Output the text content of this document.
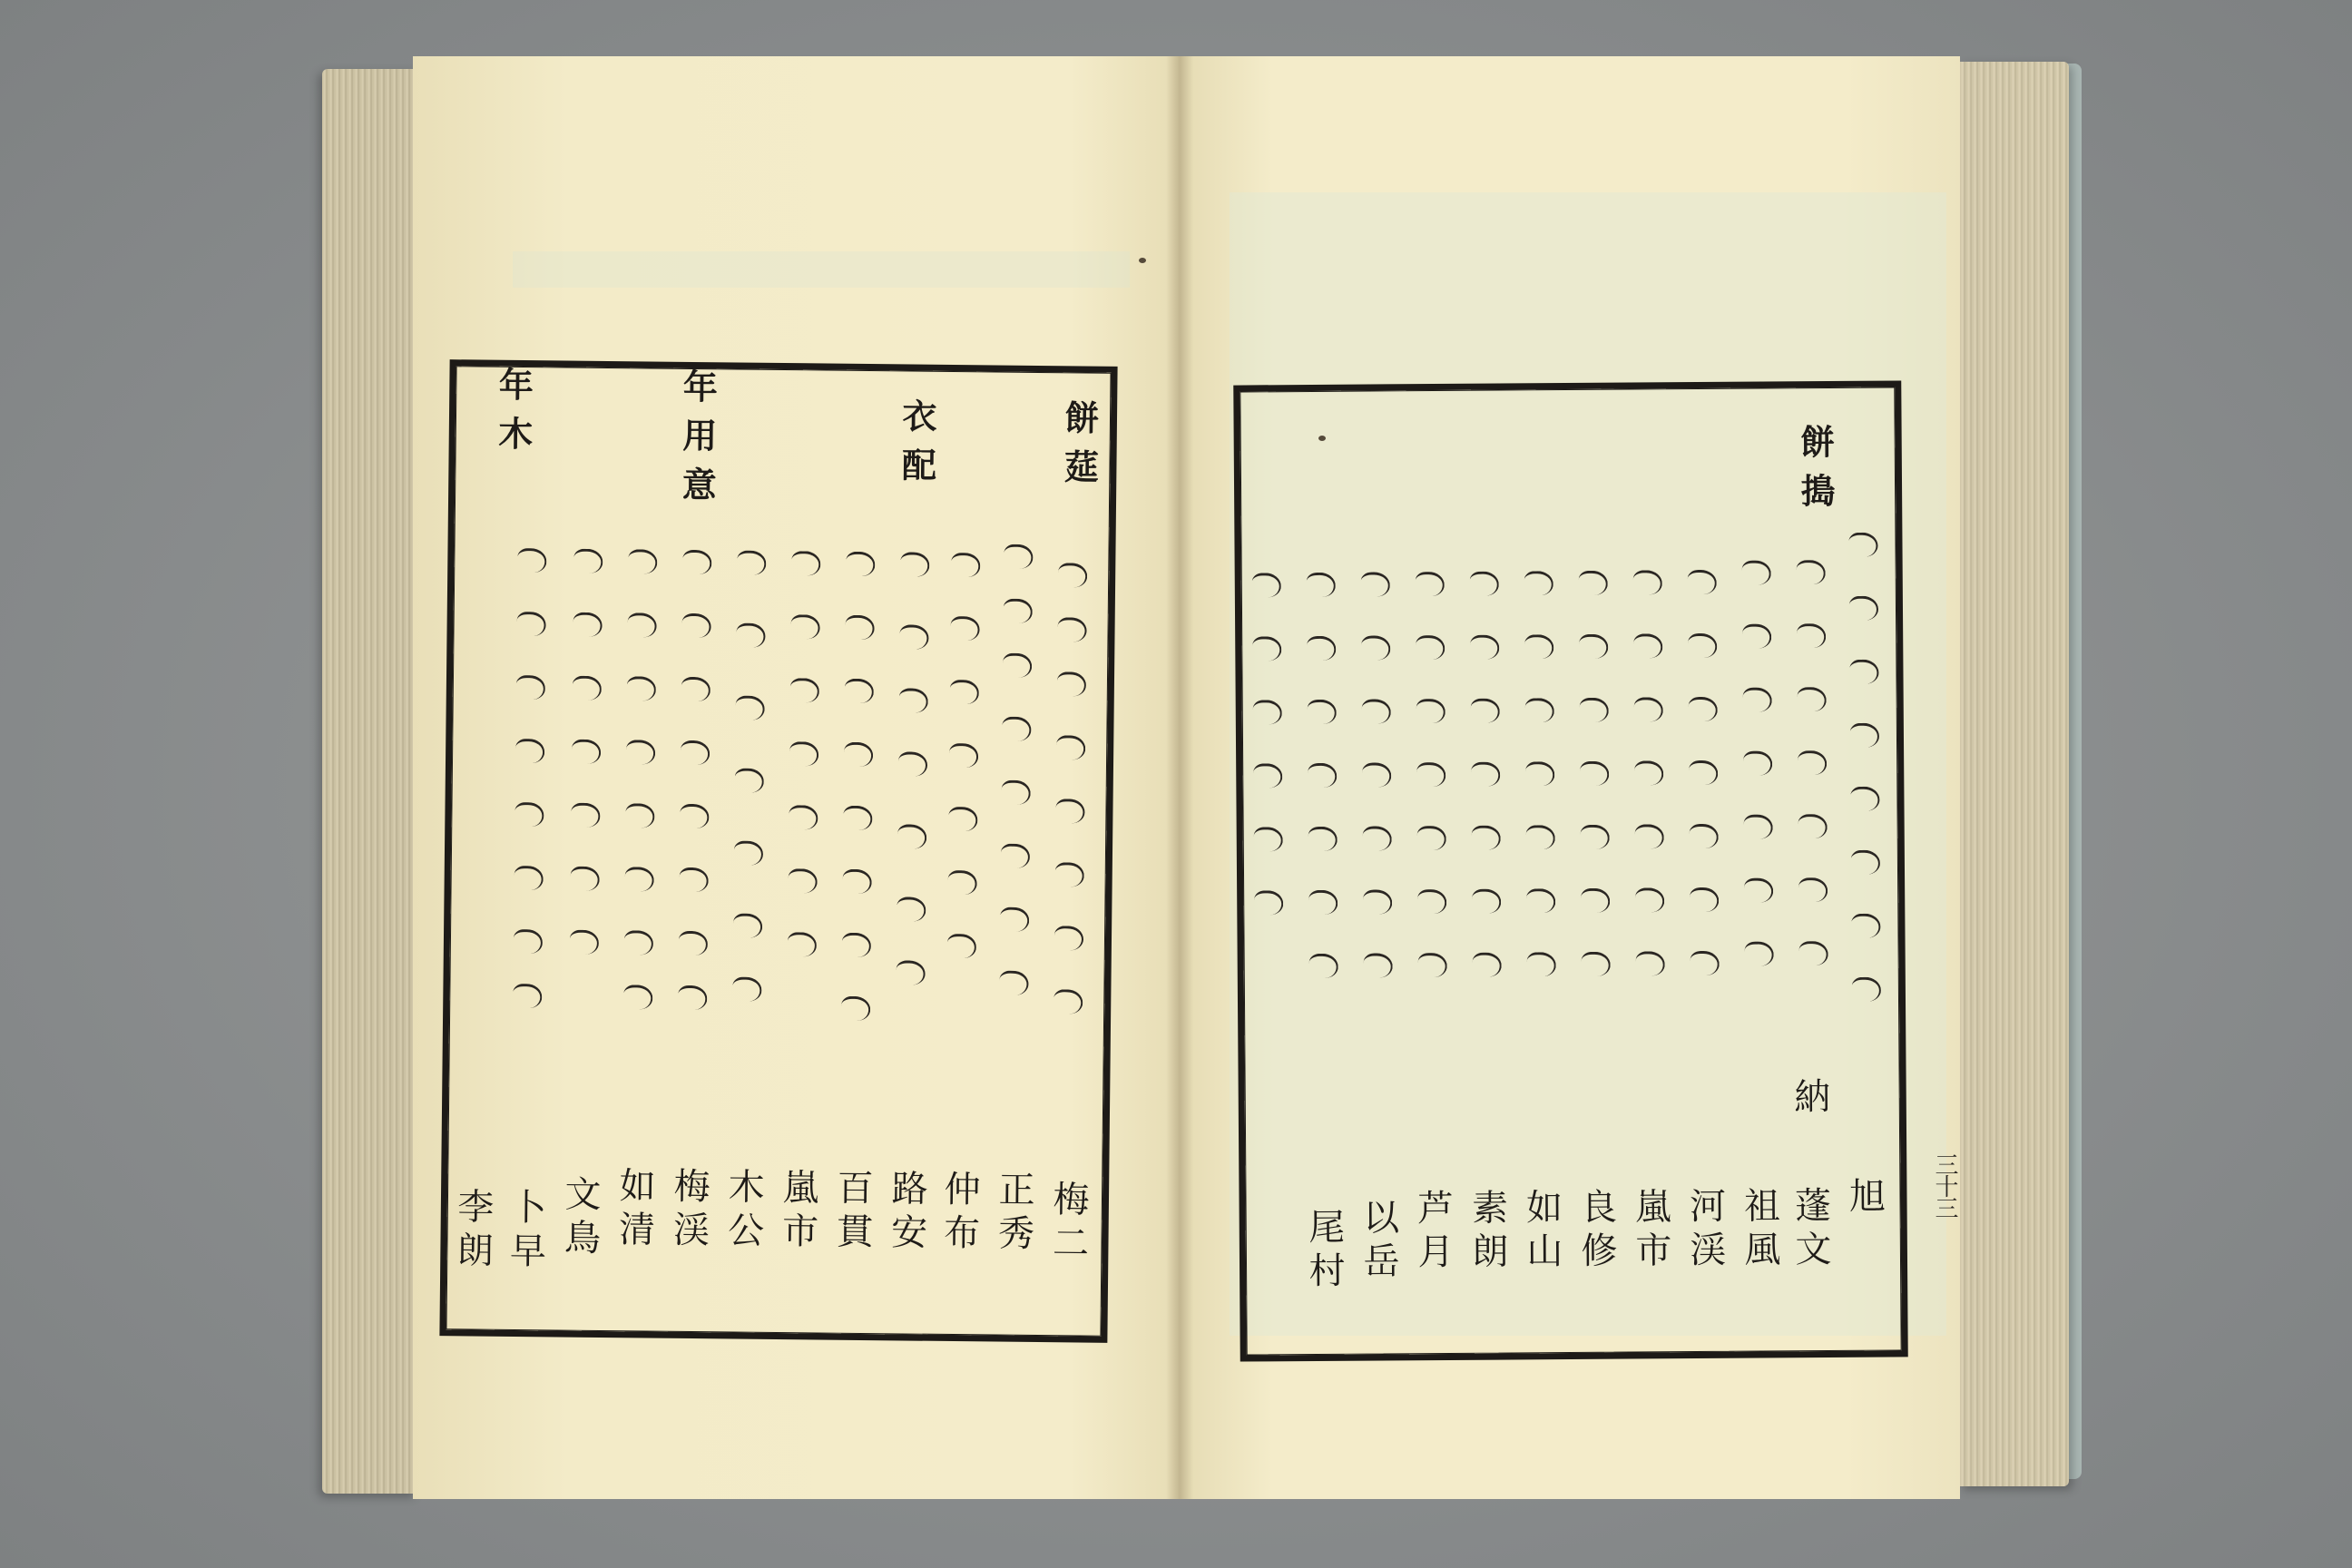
餅莚
衣配
年用意
年木
梅二
正秀
仲布
路安
百貫
嵐市
木公
梅渓
如清
文鳥
卜早
李朗
餅搗
旭
納
蓬文
祖風
河渓
嵐市
良修
如山
素朗
芦月
以岳
尾村
三十三
